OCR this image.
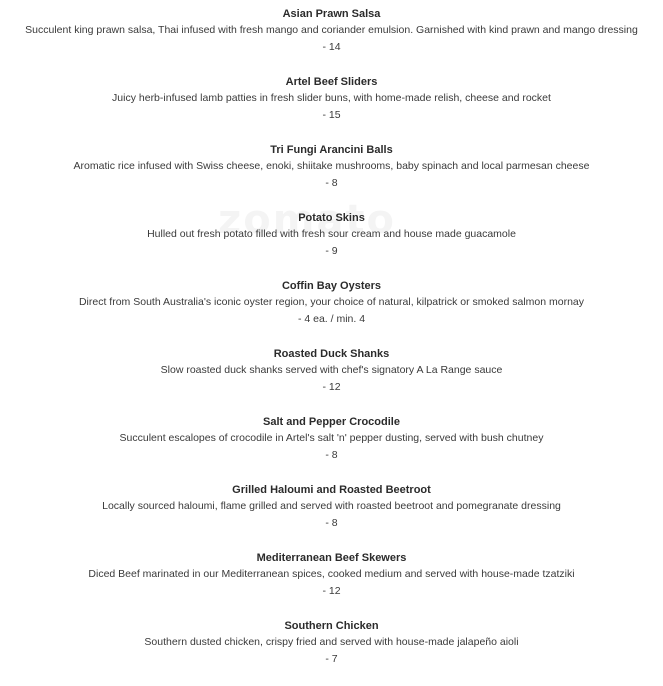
Asian Prawn Salsa
Succulent king prawn salsa, Thai infused with fresh mango and coriander emulsion. Garnished with kind prawn and mango dressing
- 14
Artel Beef Sliders
Juicy herb-infused lamb patties in fresh slider buns, with home-made relish, cheese and rocket
- 15
Tri Fungi Arancini Balls
Aromatic rice infused with Swiss cheese, enoki, shiitake mushrooms, baby spinach and local parmesan cheese
- 8
Potato Skins
Hulled out fresh potato filled with fresh sour cream and house made guacamole
- 9
Coffin Bay Oysters
Direct from South Australia's iconic oyster region, your choice of natural, kilpatrick or smoked salmon mornay
- 4 ea. / min. 4
Roasted Duck Shanks
Slow roasted duck shanks served with chef's signatory A La Range sauce
- 12
Salt and Pepper Crocodile
Succulent escalopes of crocodile in Artel's salt 'n' pepper dusting, served with bush chutney
- 8
Grilled Haloumi and Roasted Beetroot
Locally sourced haloumi, flame grilled and served with roasted beetroot and pomegranate dressing
- 8
Mediterranean Beef Skewers
Diced Beef marinated in our Mediterranean spices, cooked medium and served with house-made tzatziki
- 12
Southern Chicken
Southern dusted chicken, crispy fried and served with house-made jalapeño aioli
- 7
